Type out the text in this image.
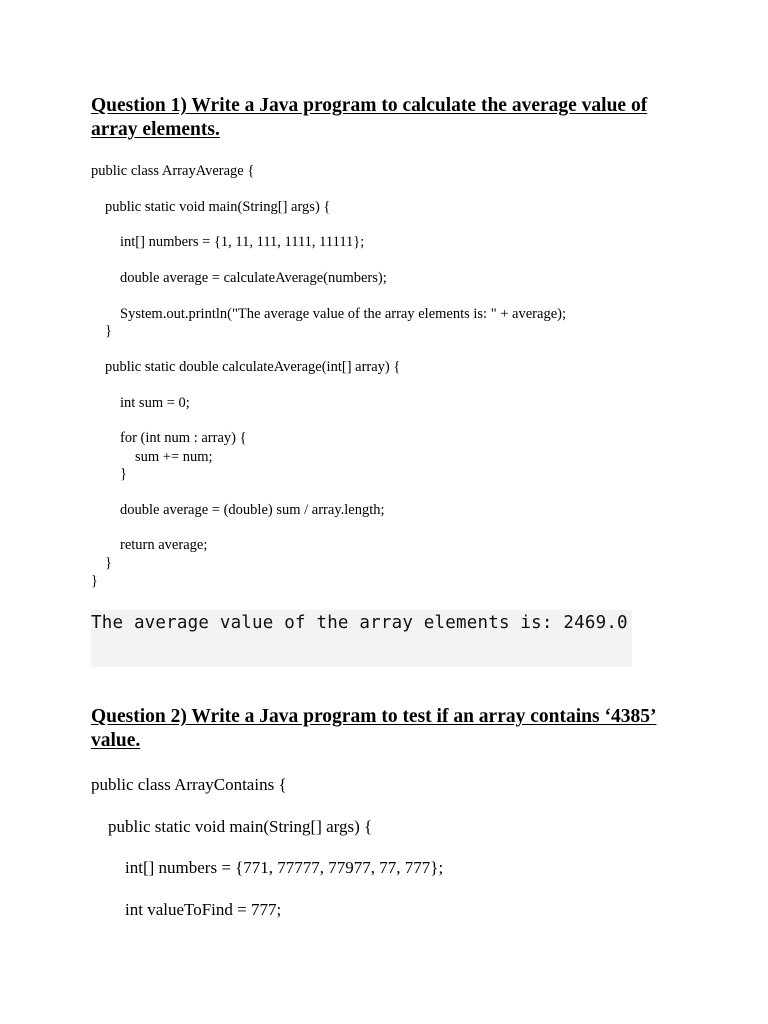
Question 1) Write a Java program to calculate the average value of
array elements.
public class ArrayAverage {
public static void main(String[] args) {
int[] numbers = {1, 11, 111, 1111, 11111};
double average = calculateAverage(numbers);
System.out.println("The average value of the array elements is: " + average);
}
public static double calculateAverage(int[] array) {
int sum = 0;
for (int num : array) {
sum += num;
}
double average = (double) sum / array.length;
return average;
}
}
The average value of the array elements is: 2469.0
Question 2) Write a Java program to test if an array contains ‘4385’
value.
public class ArrayContains {
public static void main(String[] args) {
int[] numbers = {771, 77777, 77977, 77, 777};
int valueToFind = 777;
